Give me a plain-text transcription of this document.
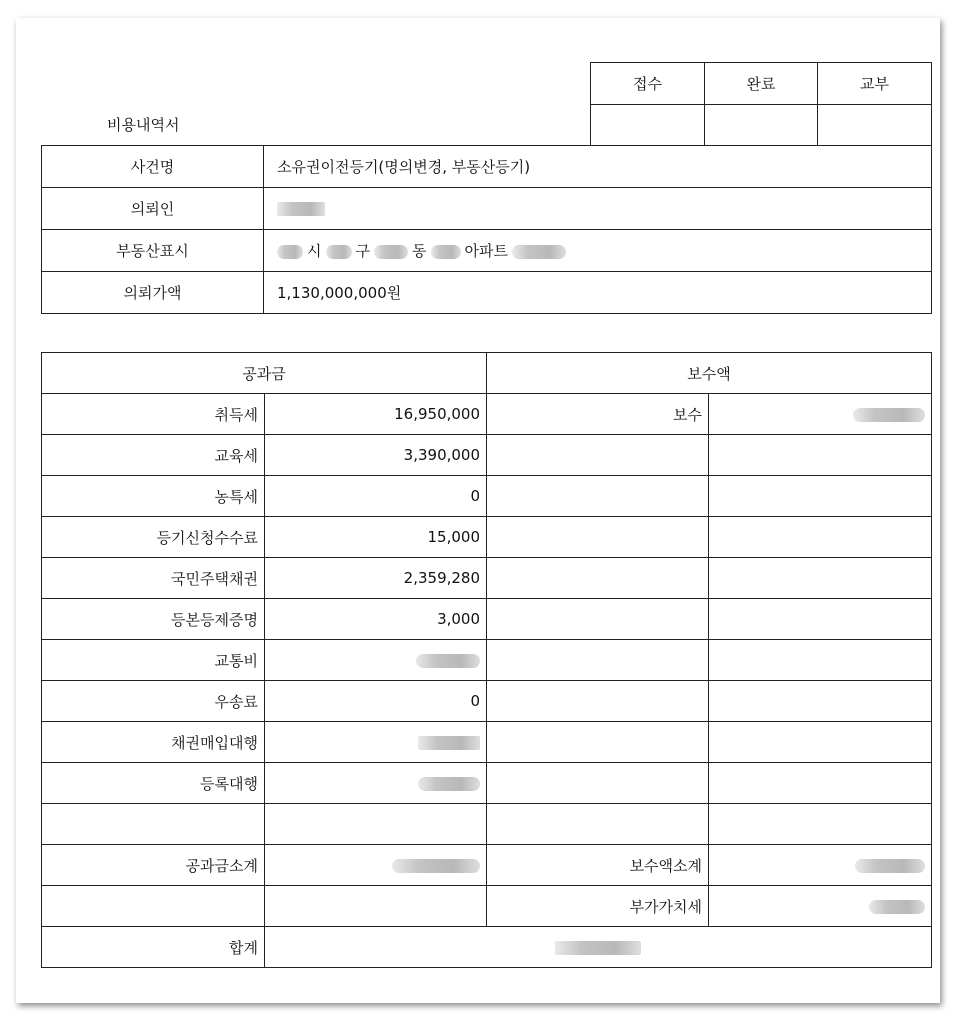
접수	완료	교부

비용내역서
사건명	소유권이전등기(명의변경, 부동산등기)
의뢰인	
부동산표시	시 구 동 아파트
의뢰가액	1,130,000,000원
공과금		보수액	
취득세	16,950,000	보수	
교육세	3,390,000		
농특세	0		
등기신청수수료	15,000		
국민주택채권	2,359,280		
등본등제증명	3,000		
교통비			
우송료	0		
채권매입대행			
등록대행			

공과금소계		보수액소계	
		부가가치세	
합계			
